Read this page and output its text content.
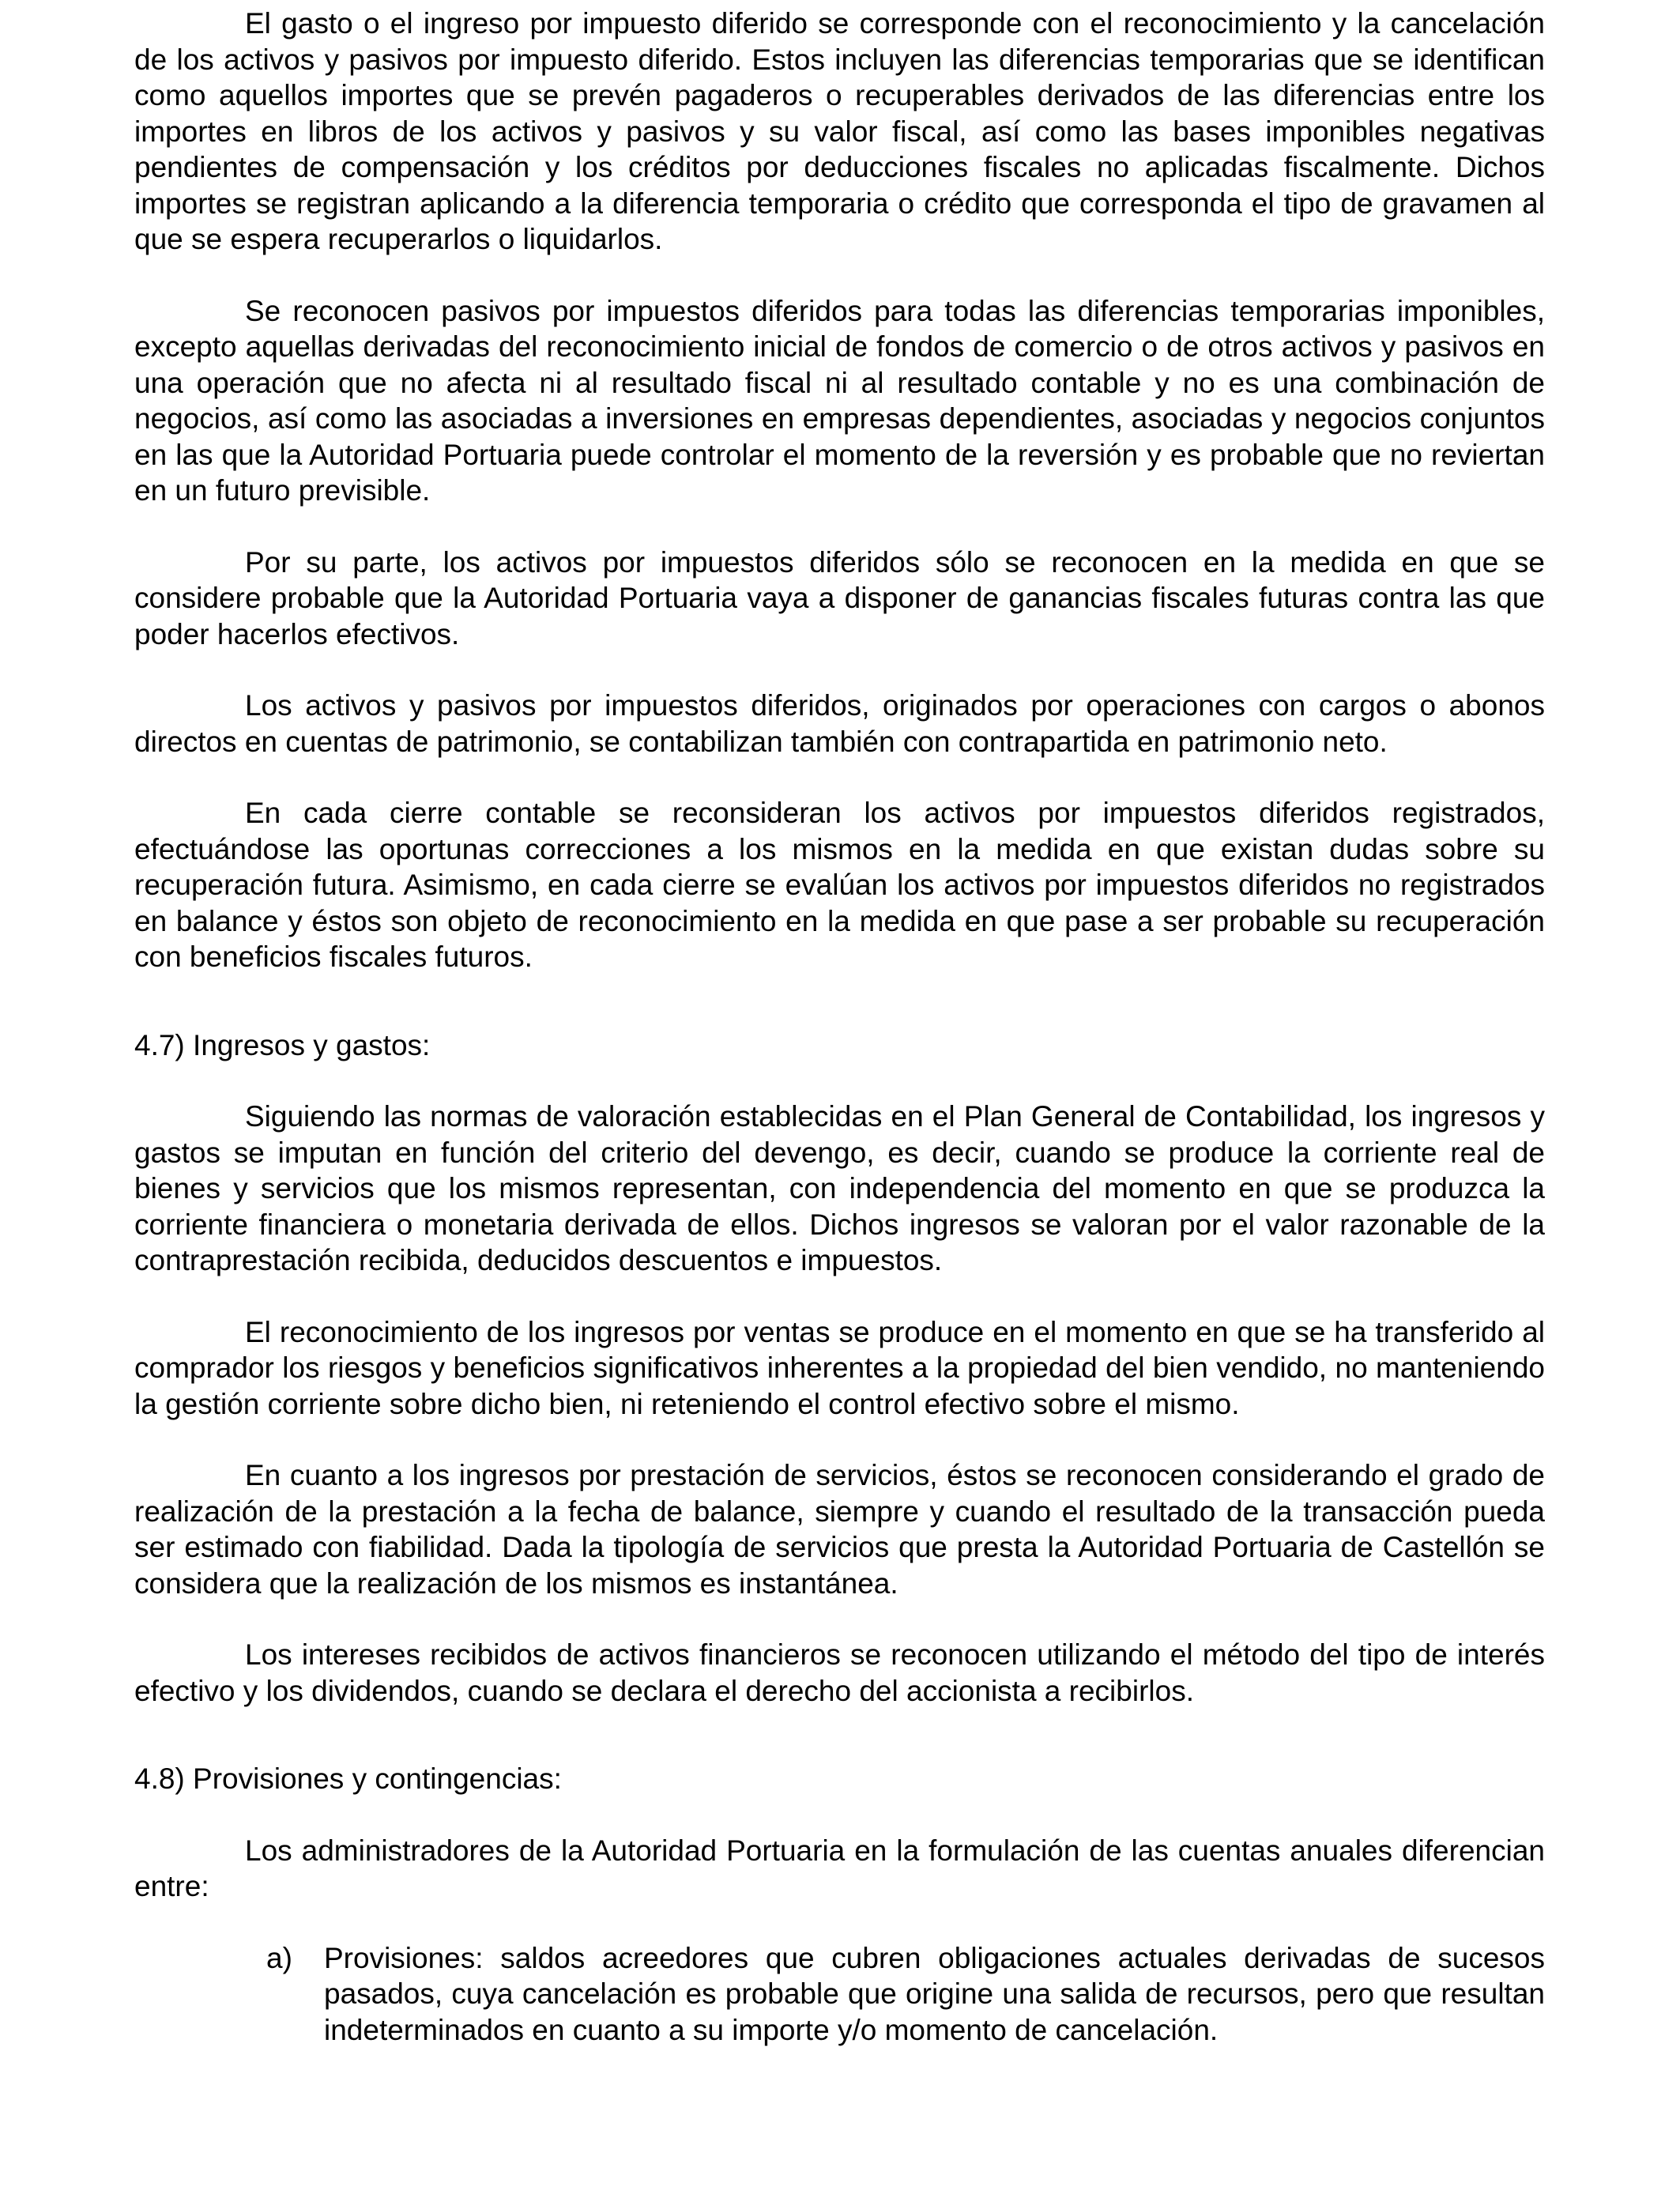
El gasto o el ingreso por impuesto diferido se corresponde con el reconocimiento y la cancelación de los activos y pasivos por impuesto diferido. Estos incluyen las diferencias temporarias que se identifican como aquellos importes que se prevén pagaderos o recuperables derivados de las diferencias entre los importes en libros de los activos y pasivos y su valor fiscal, así como las bases imponibles negativas pendientes de compensación y los créditos por deducciones fiscales no aplicadas fiscalmente. Dichos importes se registran aplicando a la diferencia temporaria o crédito que corresponda el tipo de gravamen al que se espera recuperarlos o liquidarlos.

Se reconocen pasivos por impuestos diferidos para todas las diferencias temporarias imponibles, excepto aquellas derivadas del reconocimiento inicial de fondos de comercio o de otros activos y pasivos en una operación que no afecta ni al resultado fiscal ni al resultado contable y no es una combinación de negocios, así como las asociadas a inversiones en empresas dependientes, asociadas y negocios conjuntos en las que la Autoridad Portuaria puede controlar el momento de la reversión y es probable que no reviertan en un futuro previsible.

Por su parte, los activos por impuestos diferidos sólo se reconocen en la medida en que se considere probable que la Autoridad Portuaria vaya a disponer de ganancias fiscales futuras contra las que poder hacerlos efectivos.

Los activos y pasivos por impuestos diferidos, originados por operaciones con cargos o abonos directos en cuentas de patrimonio, se contabilizan también con contrapartida en patrimonio neto.

En cada cierre contable se reconsideran los activos por impuestos diferidos registrados, efectuándose las oportunas correcciones a los mismos en la medida en que existan dudas sobre su recuperación futura. Asimismo, en cada cierre se evalúan los activos por impuestos diferidos no registrados en balance y éstos son objeto de reconocimiento en la medida en que pase a ser probable su recuperación con beneficios fiscales futuros.

4.7) Ingresos y gastos:

Siguiendo las normas de valoración establecidas en el Plan General de Contabilidad, los ingresos y gastos se imputan en función del criterio del devengo, es decir, cuando se produce la corriente real de bienes y servicios que los mismos representan, con independencia del momento en que se produzca la corriente financiera o monetaria derivada de ellos. Dichos ingresos se valoran por el valor razonable de la contraprestación recibida, deducidos descuentos e impuestos.

El reconocimiento de los ingresos por ventas se produce en el momento en que se ha transferido al comprador los riesgos y beneficios significativos inherentes a la propiedad del bien vendido, no manteniendo la gestión corriente sobre dicho bien, ni reteniendo el control efectivo sobre el mismo.

En cuanto a los ingresos por prestación de servicios, éstos se reconocen considerando el grado de realización de la prestación a la fecha de balance, siempre y cuando el resultado de la transacción pueda ser estimado con fiabilidad. Dada la tipología de servicios que presta la Autoridad Portuaria de Castellón se considera que la realización de los mismos es instantánea.

Los intereses recibidos de activos financieros se reconocen utilizando el método del tipo de interés efectivo y los dividendos, cuando se declara el derecho del accionista a recibirlos.

4.8) Provisiones y contingencias:

Los administradores de la Autoridad Portuaria en la formulación de las cuentas anuales diferencian entre:

a) Provisiones: saldos acreedores que cubren obligaciones actuales derivadas de sucesos pasados, cuya cancelación es probable que origine una salida de recursos, pero que resultan indeterminados en cuanto a su importe y/o momento de cancelación.
